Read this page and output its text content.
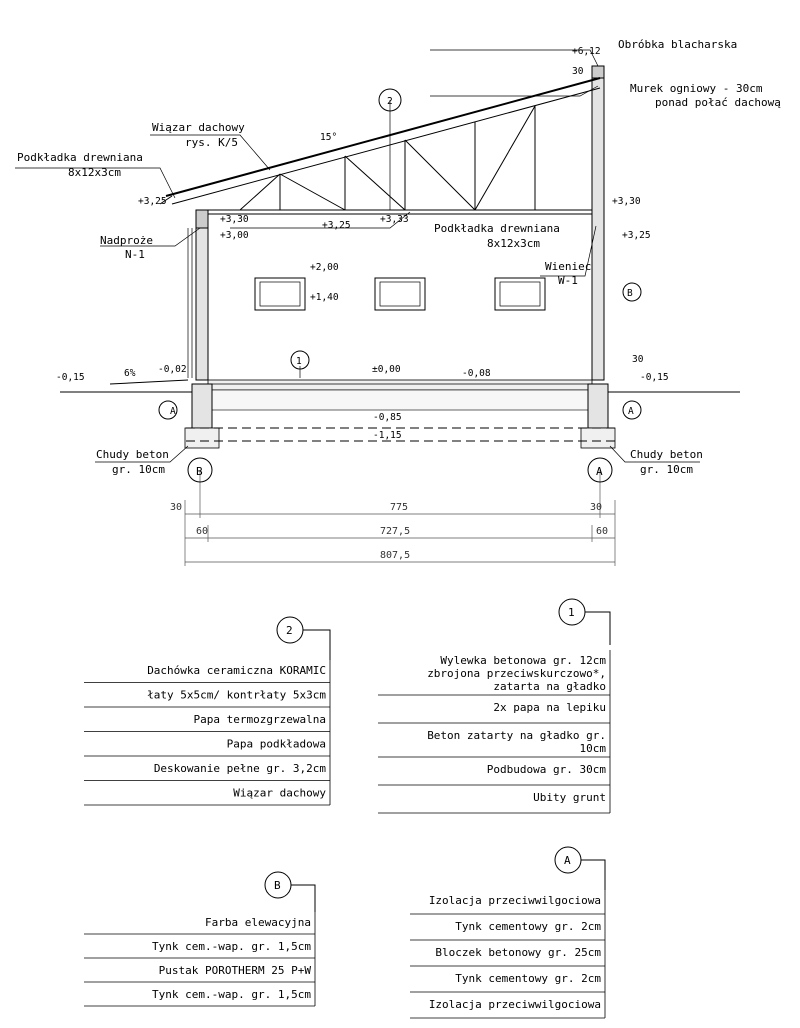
Obróbka blacharska
+6,12
30
Murek ogniowy - 30cm
ponad połać dachową
Wiązar dachowy
rys. K/5	15°
Podkładka drewniana
8x12x3cm
+3,25
+3,30
+3,00
Nadproże
N-1
+3,25
+3,33
Podkładka drewniana
8x12x3cm
+3,30
+3,25
Wieniec
W-1
B
+2,00
+1,40
1
2
±0,00	-0,08
-0,15	6% -0,02
-0,15
30
A	A
-0,85
-1,15
Chudy beton
gr. 10cm
Chudy beton
gr. 10cm
B	A
30	775	30
60	727,5	60
807,5
2
1
B
A
Dachówka ceramiczna KORAMIC
łaty 5x5cm/ kontrłaty 5x3cm
Papa termozgrzewalna
Papa podkładowa
Deskowanie pełne gr. 3,2cm
Wiązar dachowy
Wylewka betonowa gr. 12cm
zbrojona przeciwskurczowo*,
zatarta na gładko
2x papa na lepiku
Beton zatarty na gładko gr.
10cm
Podbudowa gr. 30cm
Ubity grunt
Farba elewacyjna
Tynk cem.-wap. gr. 1,5cm
Pustak POROTHERM 25 P+W
Tynk cem.-wap. gr. 1,5cm
Izolacja przeciwwilgociowa
Tynk cementowy gr. 2cm
Bloczek betonowy gr. 25cm
Tynk cementowy gr. 2cm
Izolacja przeciwwilgociowa
